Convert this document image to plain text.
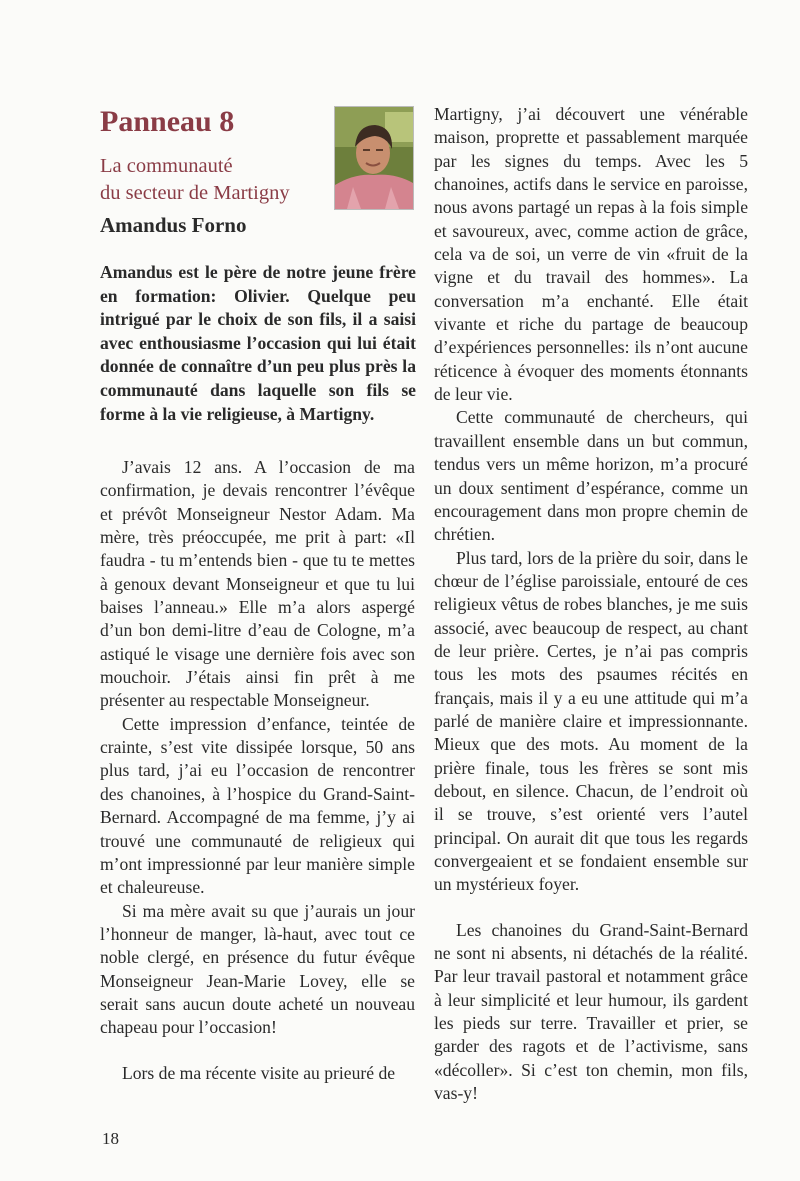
Panneau 8
La communauté
du secteur de Martigny
Amandus Forno

Amandus est le père de notre jeune frère en formation: Olivier. Quelque peu intrigué par le choix de son fils, il a saisi avec enthousiasme l’occasion qui lui était donnée de connaître d’un peu plus près la communauté dans laquelle son fils se forme à la vie religieuse, à Martigny.

J’avais 12 ans. A l’occasion de ma confirmation, je devais rencontrer l’évêque et prévôt Monseigneur Nestor Adam. Ma mère, très préoccupée, me prit à part: «Il faudra - tu m’entends bien - que tu te mettes à genoux devant Monseigneur et que tu lui baises l’anneau.» Elle m’a alors aspergé d’un bon demi-litre d’eau de Cologne, m’a astiqué le visage une dernière fois avec son mouchoir. J’étais ainsi fin prêt à me présenter au respectable Monseigneur.

Cette impression d’enfance, teintée de crainte, s’est vite dissipée lorsque, 50 ans plus tard, j’ai eu l’occasion de rencontrer des chanoines, à l’hospice du Grand-Saint-Bernard. Accompagné de ma femme, j’y ai trouvé une communauté de religieux qui m’ont impressionné par leur manière simple et chaleureuse.

Si ma mère avait su que j’aurais un jour l’honneur de manger, là-haut, avec tout ce noble clergé, en présence du futur évêque Monseigneur Jean-Marie Lovey, elle se serait sans aucun doute acheté un nouveau chapeau pour l’occasion!

Lors de ma récente visite au prieuré de

Martigny, j’ai découvert une vénérable maison, proprette et passablement marquée par les signes du temps. Avec les 5 chanoines, actifs dans le service en paroisse, nous avons partagé un repas à la fois simple et savoureux, avec, comme action de grâce, cela va de soi, un verre de vin «fruit de la vigne et du travail des hommes». La conversation m’a enchanté. Elle était vivante et riche du partage de beaucoup d’expériences personnelles: ils n’ont aucune réticence à évoquer des moments étonnants de leur vie.

Cette communauté de chercheurs, qui travaillent ensemble dans un but commun, tendus vers un même horizon, m’a procuré un doux sentiment d’espérance, comme un encouragement dans mon propre chemin de chrétien.

Plus tard, lors de la prière du soir, dans le chœur de l’église paroissiale, entouré de ces religieux vêtus de robes blanches, je me suis associé, avec beaucoup de respect, au chant de leur prière. Certes, je n’ai pas compris tous les mots des psaumes récités en français, mais il y a eu une attitude qui m’a parlé de manière claire et impressionnante. Mieux que des mots. Au moment de la prière finale, tous les frères se sont mis debout, en silence. Chacun, de l’endroit où il se trouve, s’est orienté vers l’autel principal. On aurait dit que tous les regards convergeaient et se fondaient ensemble sur un mystérieux foyer.

Les chanoines du Grand-Saint-Bernard ne sont ni absents, ni détachés de la réalité. Par leur travail pastoral et notamment grâce à leur simplicité et leur humour, ils gardent les pieds sur terre. Travailler et prier, se garder des ragots et de l’activisme, sans «décoller». Si c’est ton chemin, mon fils, vas-y!

18
